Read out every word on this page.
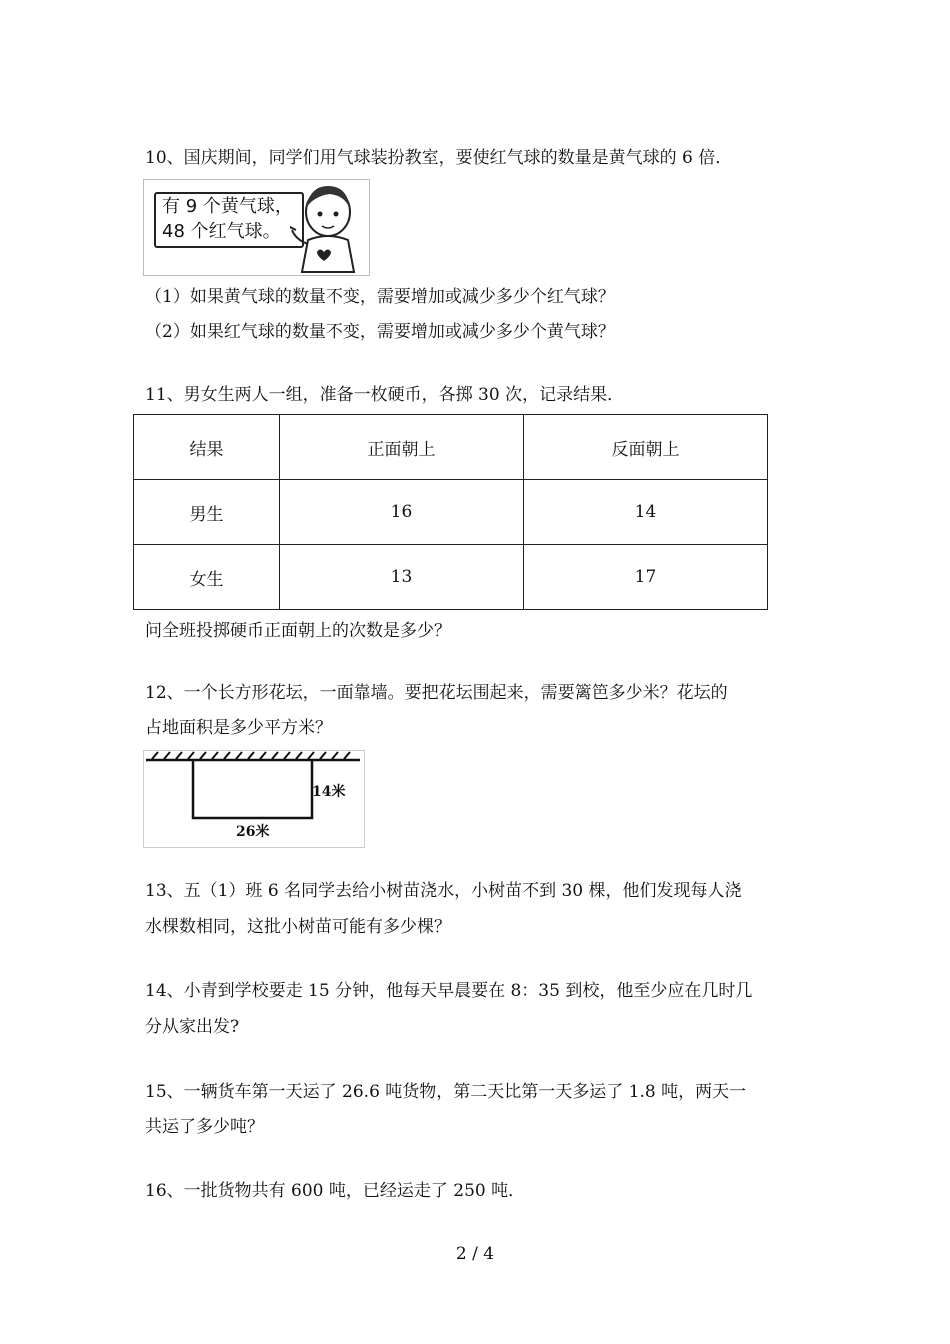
10、国庆期间，同学们用气球装扮教室，要使红气球的数量是黄气球的 6 倍．
有 9 个黄气球，
48 个红气球。
（1）如果黄气球的数量不变，需要增加或减少多少个红气球？
（2）如果红气球的数量不变，需要增加或减少多少个黄气球？
11、男女生两人一组，准备一枚硬币，各掷 30 次，记录结果．
结果	正面朝上	反面朝上
男生	16	14
女生	13	17
问全班投掷硬币正面朝上的次数是多少？
12、一个长方形花坛，一面靠墙。要把花坛围起来，需要篱笆多少米？花坛的
占地面积是多少平方米？
14米
26米
13、五（1）班 6 名同学去给小树苗浇水，小树苗不到 30 棵，他们发现每人浇
水棵数相同，这批小树苗可能有多少棵？
14、小青到学校要走 15 分钟，他每天早晨要在 8：35 到校，他至少应在几时几
分从家出发?
15、一辆货车第一天运了 26.6 吨货物，第二天比第一天多运了 1.8 吨，两天一
共运了多少吨？
16、一批货物共有 600 吨，已经运走了 250 吨．
2 / 4
